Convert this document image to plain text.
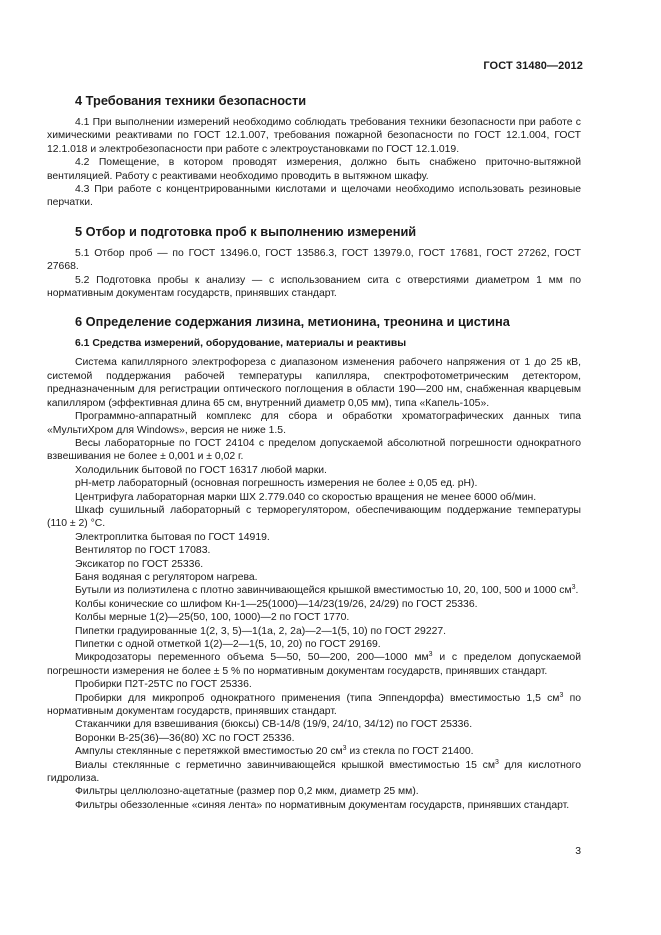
ГОСТ 31480—2012
4 Требования техники безопасности

4.1 При выполнении измерений необходимо соблюдать требования техники безопасности при работе с химическими реактивами по ГОСТ 12.1.007, требования пожарной безопасности по ГОСТ 12.1.004, ГОСТ 12.1.018 и электробезопасности при работе с электроустановками по ГОСТ 12.1.019.

4.2 Помещение, в котором проводят измерения, должно быть снабжено приточно-вытяжной вентиляцией. Работу с реактивами необходимо проводить в вытяжном шкафу.

4.3 При работе с концентрированными кислотами и щелочами необходимо использовать резиновые перчатки.

5 Отбор и подготовка проб к выполнению измерений

5.1 Отбор проб — по ГОСТ 13496.0, ГОСТ 13586.3, ГОСТ 13979.0, ГОСТ 17681, ГОСТ 27262, ГОСТ 27668.

5.2 Подготовка пробы к анализу — с использованием сита с отверстиями диаметром 1 мм по нормативным документам государств, принявших стандарт.

6 Определение содержания лизина, метионина, треонина и цистина
6.1 Средства измерений, оборудование, материалы и реактивы

Система капиллярного электрофореза с диапазоном изменения рабочего напряжения от 1 до 25 кВ, системой поддержания рабочей температуры капилляра, спектрофотометрическим детектором, предназначенным для регистрации оптического поглощения в области 190—200 нм, снабженная кварцевым капилляром (эффективная длина 65 см, внутренний диаметр 0,05 мм), типа «Капель-105».

Программно-аппаратный комплекс для сбора и обработки хроматографических данных типа «МультиХром для Windows», версия не ниже 1.5.

Весы лабораторные по ГОСТ 24104 с пределом допускаемой абсолютной погрешности однократного взвешивания не более ± 0,001 и ± 0,02 г.

Холодильник бытовой по ГОСТ 16317 любой марки.

рН-метр лабораторный (основная погрешность измерения не более ± 0,05 ед. рН).

Центрифуга лабораторная марки ШХ 2.779.040 со скоростью вращения не менее 6000 об/мин.

Шкаф сушильный лабораторный с терморегулятором, обеспечивающим поддержание температуры (110 ± 2) °С.

Электроплитка бытовая по ГОСТ 14919.

Вентилятор по ГОСТ 17083.

Эксикатор по ГОСТ 25336.

Баня водяная с регулятором нагрева.

Бутыли из полиэтилена с плотно завинчивающейся крышкой вместимостью 10, 20, 100, 500 и 1000 $см^3$.

Колбы конические со шлифом Кн-1—25(1000)—14/23(19/26, 24/29) по ГОСТ 25336.

Колбы мерные 1(2)—25(50, 100, 1000)—2 по ГОСТ 1770.

Пипетки градуированные 1(2, 3, 5)—1(1а, 2, 2а)—2—1(5, 10) по ГОСТ 29227.

Пипетки с одной отметкой 1(2)—2—1(5, 10, 20) по ГОСТ 29169.

Микродозаторы переменного объема 5—50, 50—200, 200—1000 $мм^3$ и с пределом допускаемой погрешности измерения не более ± 5 % по нормативным документам государств, принявших стандарт.

Пробирки П2Т-25ТС по ГОСТ 25336.

Пробирки для микропроб однократного применения (типа Эппендорфа) вместимостью 1,5 $см^3$ по нормативным документам государств, принявших стандарт.

Стаканчики для взвешивания (бюксы) СВ-14/8 (19/9, 24/10, 34/12) по ГОСТ 25336.

Воронки В-25(36)—36(80) ХС по ГОСТ 25336.

Ампулы стеклянные с перетяжкой вместимостью 20 $см^3$ из стекла по ГОСТ 21400.

Виалы стеклянные с герметично завинчивающейся крышкой вместимостью 15 $см^3$ для кислотного гидролиза.

Фильтры целлюлозно-ацетатные (размер пор 0,2 мкм, диаметр 25 мм).

Фильтры обеззоленные «синяя лента» по нормативным документам государств, принявших стандарт.

3
